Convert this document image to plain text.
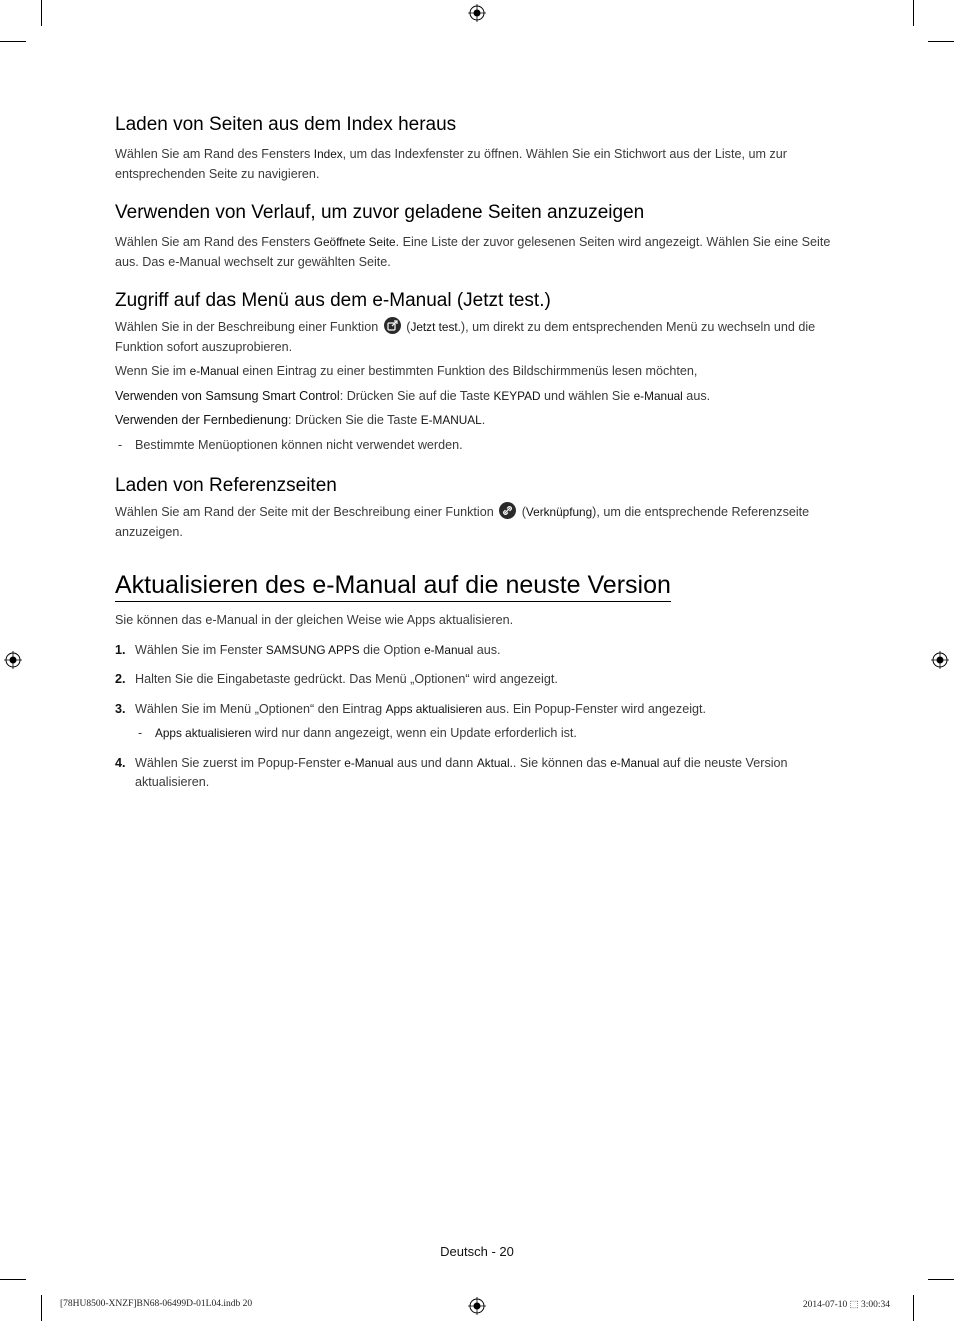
Laden von Seiten aus dem Index heraus

Wählen Sie am Rand des Fensters Index, um das Indexfenster zu öffnen. Wählen Sie ein Stichwort aus der Liste, um zur entsprechenden Seite zu navigieren.

Verwenden von Verlauf, um zuvor geladene Seiten anzuzeigen

Wählen Sie am Rand des Fensters Geöffnete Seite. Eine Liste der zuvor gelesenen Seiten wird angezeigt. Wählen Sie eine Seite aus. Das e-Manual wechselt zur gewählten Seite.

Zugriff auf das Menü aus dem e-Manual (Jetzt test.)

Wählen Sie in der Beschreibung einer Funktion
(Jetzt test.), um direkt zu dem entsprechenden Menü zu wechseln und die Funktion sofort auszuprobieren.

Wenn Sie im e-Manual einen Eintrag zu einer bestimmten Funktion des Bildschirmmenüs lesen möchten,

Verwenden von Samsung Smart Control: Drücken Sie auf die Taste KEYPAD und wählen Sie e-Manual aus.

Verwenden der Fernbedienung: Drücken Sie die Taste E-MANUAL.

- Bestimmte Menüoptionen können nicht verwendet werden.
Laden von Referenzseiten

Wählen Sie am Rand der Seite mit der Beschreibung einer Funktion
(Verknüpfung), um die entsprechende Referenzseite anzuzeigen.

Aktualisieren des e-Manual auf die neuste Version

Sie können das e-Manual in der gleichen Weise wie Apps aktualisieren.

1. Wählen Sie im Fenster SAMSUNG APPS die Option e-Manual aus.
2. Halten Sie die Eingabetaste gedrückt. Das Menü „Optionen“ wird angezeigt.
3. Wählen Sie im Menü „Optionen“ den Eintrag Apps aktualisieren aus. Ein Popup-Fenster wird angezeigt.
- Apps aktualisieren wird nur dann angezeigt, wenn ein Update erforderlich ist.
4. Wählen Sie zuerst im Popup-Fenster e-Manual aus und dann Aktual.. Sie können das e-Manual auf die neuste Version aktualisieren.
Deutsch - 20
[78HU8500-XNZF]BN68-06499D-01L04.indb 20	2014-07-10 ⬚ 3:00:34
